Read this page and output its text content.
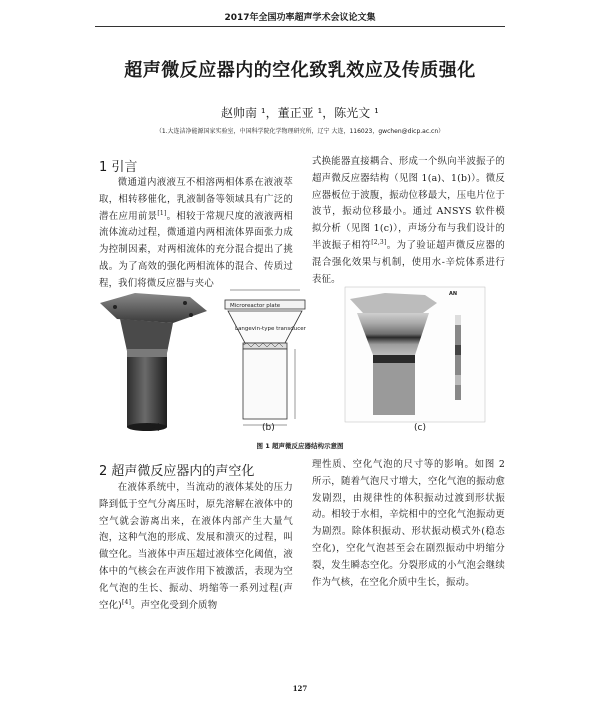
2017年全国功率超声学术会议论文集
超声微反应器内的空化致乳效应及传质强化
赵帅南 ¹，董正亚 ¹，陈光文 ¹
（1.大连洁净能源国家实验室，中国科学院化学物理研究所，辽宁 大连，116023，gwchen@dicp.ac.cn）
1 引言
微通道内液液互不相溶两相体系在液液萃取，相转移催化，乳液制备等领域具有广泛的潜在应用前景[1]。相较于常规尺度的液液两相流体流动过程，微通道内两相流体界面张力成为控制因素，对两相流体的充分混合提出了挑战。为了高效的强化两相流体的混合、传质过程，我们将微反应器与夹心
式换能器直接耦合、形成一个纵向半波振子的超声微反应器结构（见图 1(a)、1(b)）。微反应器板位于波腹，振动位移最大，压电片位于波节，振动位移最小。通过 ANSYS 软件模拟分析（见图 1(c)），声场分布与我们设计的半波振子相符[2,3]。为了验证超声微反应器的混合强化效果与机制，使用水-辛烷体系进行表征。
Microreactor plate
Langevin-type transducer
AN
(a)	(b)	(c)
图 1 超声微反应器结构示意图
2 超声微反应器内的声空化
在液体系统中，当流动的液体某处的压力降到低于空气分离压时，原先溶解在液体中的空气就会游离出来，在液体内部产生大量气泡，这种气泡的形成、发展和溃灭的过程，叫做空化。当液体中声压超过液体空化阈值，液体中的气核会在声波作用下被激活，表现为空化气泡的生长、振动、坍缩等一系列过程(声空化)[4]。声空化受到介质物
理性质、空化气泡的尺寸等的影响。如图 2 所示，随着气泡尺寸增大，空化气泡的振动愈发剧烈，由规律性的体积振动过渡到形状振动。相较于水相，辛烷相中的空化气泡振动更为剧烈。除体积振动、形状振动模式外(稳态空化)，空化气泡甚至会在剧烈振动中坍缩分裂，发生瞬态空化。分裂形成的小气泡会继续作为气核，在空化介质中生长，振动。
127
